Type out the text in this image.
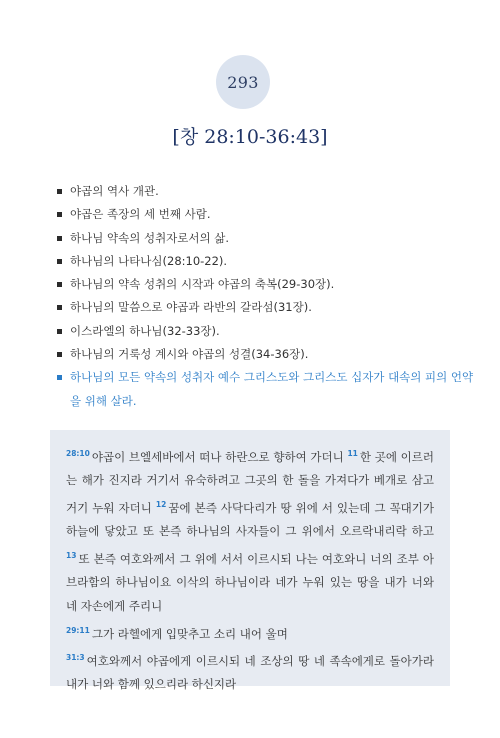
293
[창 28:10-36:43]
야곱의 역사 개관.
야곱은 족장의 세 번째 사람.
하나님 약속의 성취자로서의 삶.
하나님의 나타나심(28:10-22).
하나님의 약속 성취의 시작과 야곱의 축복(29-30장).
하나님의 말씀으로 야곱과 라반의 갈라섬(31장).
이스라엘의 하나님(32-33장).
하나님의 거룩성 계시와 야곱의 성결(34-36장).
하나님의 모든 약속의 성취자 예수 그리스도와 그리스도 십자가 대속의 피의 언약을 위해 살라.

$^{28:10}$ 야곱이 브엘세바에서 떠나 하란으로 향하여 가더니 $^{11}$ 한 곳에 이르러는 해가 진지라 거기서 유숙하려고 그곳의 한 돌을 가져다가 베개로 삼고 거기 누워 자더니 $^{12}$ 꿈에 본즉 사닥다리가 땅 위에 서 있는데 그 꼭대기가 하늘에 닿았고 또 본즉 하나님의 사자들이 그 위에서 오르락내리락 하고 $^{13}$ 또 본즉 여호와께서 그 위에 서서 이르시되 나는 여호와니 너의 조부 아브라함의 하나님이요 이삭의 하나님이라 네가 누워 있는 땅을 내가 너와 네 자손에게 주리니

$^{29:11}$ 그가 라헬에게 입맞추고 소리 내어 울며

$^{31:3}$ 여호와께서 야곱에게 이르시되 네 조상의 땅 네 족속에게로 돌아가라 내가 너와 함께 있으리라 하신지라
